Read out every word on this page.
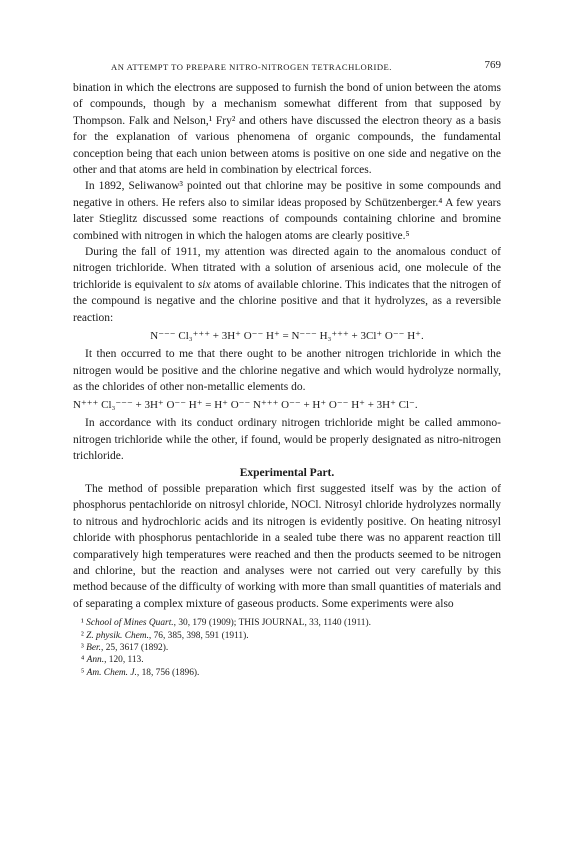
AN ATTEMPT TO PREPARE NITRO-NITROGEN TETRACHLORIDE.	769

bination in which the electrons are supposed to furnish the bond of union between the atoms of compounds, though by a mechanism somewhat different from that supposed by Thompson. Falk and Nelson,¹ Fry² and others have discussed the electron theory as a basis for the explanation of various phenomena of organic compounds, the fundamental conception being that each union between atoms is positive on one side and negative on the other and that atoms are held in combination by electrical forces.

In 1892, Seliwanow³ pointed out that chlorine may be positive in some compounds and negative in others. He refers also to similar ideas proposed by Schützenberger.⁴ A few years later Stieglitz discussed some reactions of compounds containing chlorine and bromine combined with nitrogen in which the halogen atoms are clearly positive.⁵

During the fall of 1911, my attention was directed again to the anomalous conduct of nitrogen trichloride. When titrated with a solution of arsenious acid, one molecule of the trichloride is equivalent to six atoms of available chlorine. This indicates that the nitrogen of the compound is negative and the chlorine positive and that it hydrolyzes, as a reversible reaction:

N⁻⁻⁻ Cl₃⁺⁺⁺ + 3H⁺ O⁻⁻ H⁺ = N⁻⁻⁻ H₃⁺⁺⁺ + 3Cl⁺ O⁻⁻ H⁺.

It then occurred to me that there ought to be another nitrogen trichloride in which the nitrogen would be positive and the chlorine negative and which would hydrolyze normally, as the chlorides of other non-metallic elements do.

N⁺⁺⁺ Cl₃⁻⁻⁻ + 3H⁺ O⁻⁻ H⁺ = H⁺ O⁻⁻ N⁺⁺⁺ O⁻⁻ + H⁺ O⁻⁻ H⁺ + 3H⁺ Cl⁻.

In accordance with its conduct ordinary nitrogen trichloride might be called ammono-nitrogen trichloride while the other, if found, would be properly designated as nitro-nitrogen trichloride.

Experimental Part.

The method of possible preparation which first suggested itself was by the action of phosphorus pentachloride on nitrosyl chloride, NOCl. Nitrosyl chloride hydrolyzes normally to nitrous and hydrochloric acids and its nitrogen is evidently positive. On heating nitrosyl chloride with phosphorus pentachloride in a sealed tube there was no apparent reaction till comparatively high temperatures were reached and then the products seemed to be nitrogen and chlorine, but the reaction and analyses were not carried out very carefully by this method because of the difficulty of working with more than small quantities of materials and of separating a complex mixture of gaseous products. Some experiments were also

¹ School of Mines Quart., 30, 179 (1909); THIS JOURNAL, 33, 1140 (1911).
² Z. physik. Chem., 76, 385, 398, 591 (1911).
³ Ber., 25, 3617 (1892).
⁴ Ann., 120, 113.
⁵ Am. Chem. J., 18, 756 (1896).
